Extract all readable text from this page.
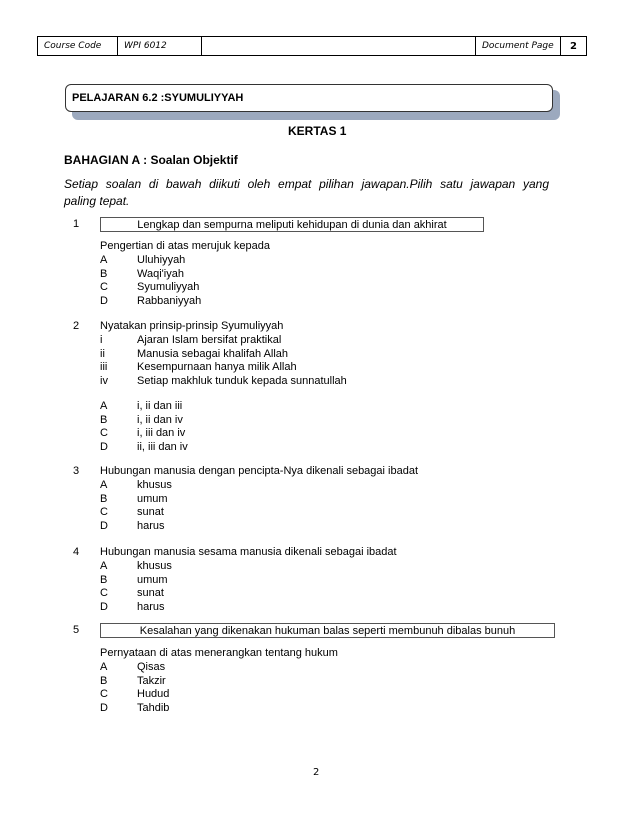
Course Code	WPI 6012	Document Page	2
PELAJARAN 6.2 :SYUMULIYYAH
KERTAS 1
BAHAGIAN A : Soalan Objektif
Setiap soalan di bawah diikuti oleh empat pilihan jawapan.Pilih satu jawapan yang
paling tepat.
1	Lengkap dan sempurna meliputi kehidupan di dunia dan akhirat
Pengertian di atas merujuk kepada
A	Uluhiyyah
B	Waqi'iyah
C	Syumuliyyah
D	Rabbaniyyah
2 Nyatakan prinsip-prinsip Syumuliyyah
i	Ajaran Islam bersifat praktikal
ii	Manusia sebagai khalifah Allah
iii	Kesempurnaan hanya milik Allah
iv	Setiap makhluk tunduk kepada sunnatullah
A	i, ii dan iii
B	i, ii dan iv
C	i, iii dan iv
D	ii, iii dan iv
3 Hubungan manusia dengan pencipta-Nya dikenali sebagai ibadat
A	khusus
B	umum
C	sunat
D	harus
4 Hubungan manusia sesama manusia dikenali sebagai ibadat
A	khusus
B	umum
C	sunat
D	harus
5	Kesalahan yang dikenakan hukuman balas seperti membunuh dibalas bunuh
Pernyataan di atas menerangkan tentang hukum
A	Qisas
B	Takzir
C	Hudud
D	Tahdib
2
